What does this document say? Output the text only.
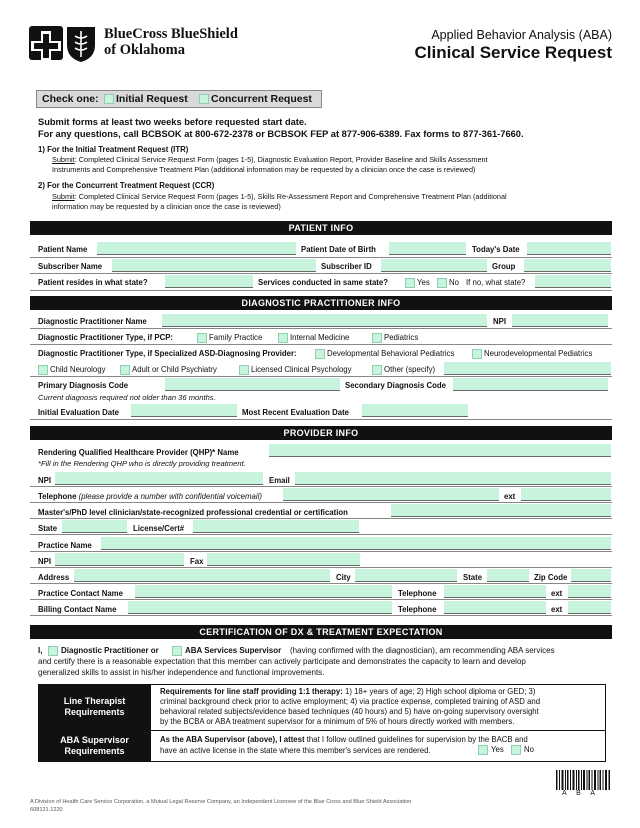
BlueCross BlueShield
of Oklahoma
Applied Behavior Analysis (ABA)
Clinical Service Request
Check one: Initial Request Concurrent Request
Submit forms at least two weeks before requested start date.
For any questions, call BCBSOK at 800-672-2378 or BCBSOK FEP at 877-906-6389. Fax forms to 877-361-7660.
1) For the Initial Treatment Request (ITR)
Submit: Completed Clinical Service Request Form (pages 1-5), Diagnostic Evaluation Report, Provider Baseline and Skills Assessment
Instruments and Comprehensive Treatment Plan (additional information may be requested by a clinician once the case is reviewed)
2) For the Concurrent Treatment Request (CCR)
Submit: Completed Clinical Service Request Form (pages 1-5), Skills Re-Assessment Report and Comprehensive Treatment Plan (additional
information may be requested by a clinician once the case is reviewed)
PATIENT INFO
Patient Name	Patient Date of Birth	Today's Date
Subscriber Name	Subscriber ID	Group
Patient resides in what state?	Services conducted in same state?	Yes No If no, what state?
DIAGNOSTIC PRACTITIONER INFO
Diagnostic Practitioner Name	NPI
Diagnostic Practitioner Type, if PCP:	Family Practice	Internal Medicine	Pediatrics
Diagnostic Practitioner Type, if Specialized ASD-Diagnosing Provider:	Developmental Behavioral Pediatrics	Neurodevelopmental Pediatrics
Child Neurology	Adult or Child Psychiatry	Licensed Clinical Psychology	Other (specify)
Primary Diagnosis Code	Secondary Diagnosis Code
Current diagnosis required not older than 36 months.
Initial Evaluation Date	Most Recent Evaluation Date
PROVIDER INFO
Rendering Qualified Healthcare Provider (QHP)* Name
*Fill in the Rendering QHP who is directly providing treatment.
NPI	Email
Telephone (please provide a number with confidential voicemail)	ext
Master's/PhD level clinician/state-recognized professional credential or certification
State	License/Cert#
Practice Name
NPI	Fax
Address	City	State	Zip Code
Practice Contact Name	Telephone	ext
Billing Contact Name	Telephone	ext
CERTIFICATION OF DX & TREATMENT EXPECTATION
I, Diagnostic Practitioner or	ABA Services Supervisor (having confirmed with the diagnostician), am recommending ABA services
and certify there is a reasonable expectation that this member can actively participate and demonstrates the capacity to learn and develop
generalized skills to assist in his/her independence and functional improvements.
Line Therapist
Requirements
Requirements for line staff providing 1:1 therapy: 1) 18+ years of age; 2) High school diploma or GED; 3)
criminal background check prior to active employment; 4) via practice expense, completed training of ASD and
behavioral related subjects/evidence based techniques (40 hours) and 5) have on-going supervisory oversight
by the BCBA or ABA treatment supervisor for a minimum of 5% of hours directly worked with members.
ABA Supervisor
Requirements
As the ABA Supervisor (above), I attest that I follow outlined guidelines for supervision by the BACB and
have an active license in the state where this member's services are rendered.	Yes	No
A Division of Health Care Service Corporation, a Mutual Legal Reserve Company, an Independent Licensee of the Blue Cross and Blue Shield Association
608121.1220
A  B  A
